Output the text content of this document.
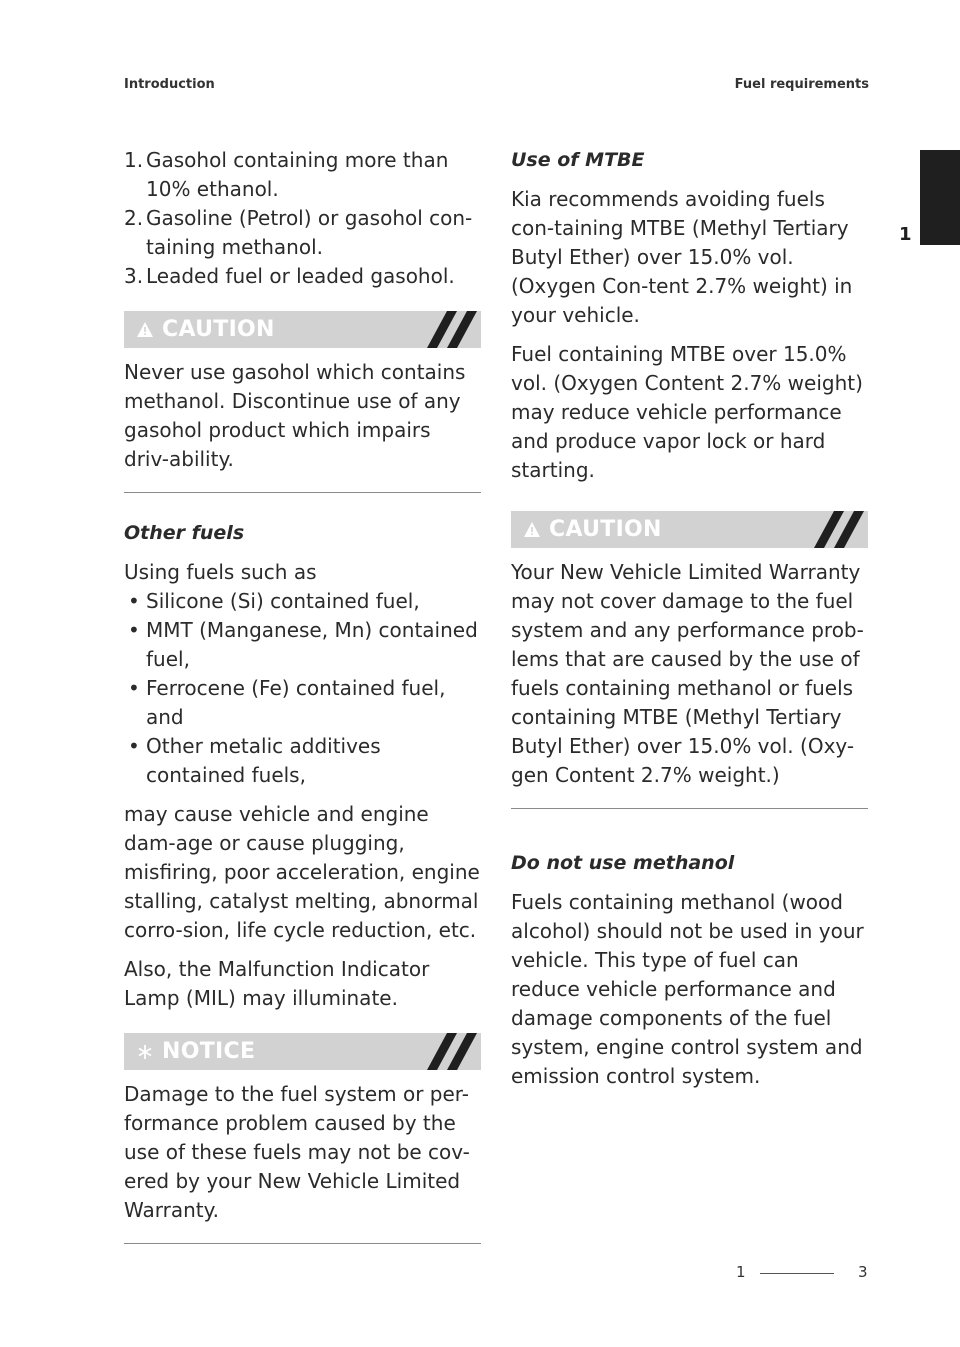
Introduction	Fuel requirements
1
1. Gasohol containing more than 10% ethanol.
2. Gasoline (Petrol) or gasohol con-taining methanol.
3. Leaded fuel or leaded gasohol.
CAUTION

Never use gasohol which contains methanol. Discontinue use of any gasohol product which impairs driv-ability.

Other fuels

Using fuels such as

• Silicone (Si) contained fuel,
• MMT (Manganese, Mn) contained fuel,
• Ferrocene (Fe) contained fuel, and
• Other metalic additives contained fuels,

may cause vehicle and engine dam-age or cause plugging, misfiring, poor acceleration, engine stalling, catalyst melting, abnormal corro-sion, life cycle reduction, etc.

Also, the Malfunction Indicator Lamp (MIL) may illuminate.

NOTICE

Damage to the fuel system or per-formance problem caused by the use of these fuels may not be cov-ered by your New Vehicle Limited Warranty.

Use of MTBE

Kia recommends avoiding fuels con-taining MTBE (Methyl Tertiary Butyl Ether) over 15.0% vol. (Oxygen Con-tent 2.7% weight) in your vehicle.

Fuel containing MTBE over 15.0% vol. (Oxygen Content 2.7% weight) may reduce vehicle performance and produce vapor lock or hard starting.

CAUTION

Your New Vehicle Limited Warranty may not cover damage to the fuel system and any performance prob-lems that are caused by the use of fuels containing methanol or fuels containing MTBE (Methyl Tertiary Butyl Ether) over 15.0% vol. (Oxy-gen Content 2.7% weight.)

Do not use methanol

Fuels containing methanol (wood alcohol) should not be used in your vehicle. This type of fuel can reduce vehicle performance and damage components of the fuel system, engine control system and emission control system.

1	3
